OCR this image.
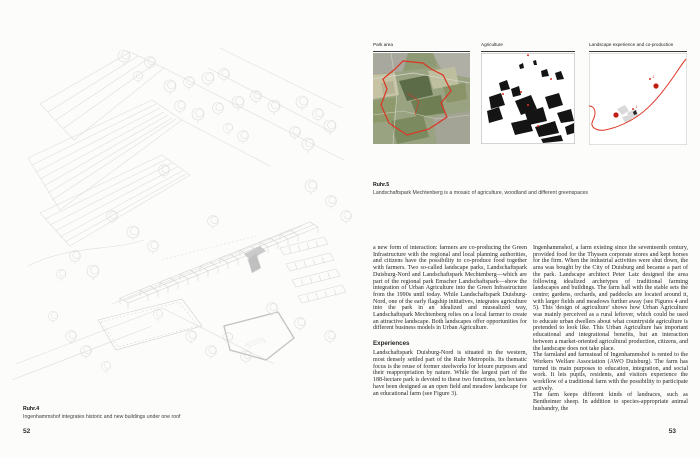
Ruhr.4
Ingenhammshof integrates historic and new buildings under one roof
52
Park area	Agriculture	Landscape experience and co-production
1
2
Ruhr.5
Landschaftspark Mechtenberg is a mosaic of agriculture, woodland and different greenspaces

a new form of interaction: farmers are co-producing the Green Infrastructure with the regional and local planning authorities, and citizens have the possibility to co-produce food together with farmers. Two so-called landscape parks, Landschaftspark Duisburg-Nord and Landschaftspark Mechtenberg—which are part of the regional park Emscher Landschaftspark—show the integration of Urban Agriculture into the Green Infrastructure from the 1990s until today. While Landschaftspark Duisburg-Nord, one of the early flagship initiatives, integrates agriculture into the park in an idealized and musealized way, Landschaftspark Mechtenberg relies on a local farmer to create an attractive landscape. Both landscapes offer opportunities for different business models in Urban Agriculture.

Experiences

Landschaftspark Duisburg-Nord is situated in the western, most densely settled part of the Ruhr Metropolis. Its thematic focus is the reuse of former steelworks for leisure purposes and their reappropriation by nature. While the largest part of the 188-hectare park is devoted to these two functions, ten hectares have been designed as an open field and meadow landscape for an educational farm (see Figure 3).

Ingenhammshof, a farm existing since the seventeenth century, provided food for the Thyssen corporate stores and kept horses for the firm. When the industrial activities were shut down, the area was bought by the City of Duisburg and became a part of the park. Landscape architect Peter Latz designed the area following idealized archetypes of traditional farming landscapes and buildings. The farm hall with the stable sets the centre; gardens, orchards, and paddocks are located around it, with larger fields and meadows further away (see Figures 4 and 5). This 'design of agriculture' shows how Urban Agriculture was mainly perceived as a rural leftover, which could be used to educate urban dwellers about what countryside agriculture is pretended to look like. This Urban Agriculture has important educational and integrational benefits, but an interaction between a market-oriented agricultural production, citizens, and the landscape does not take place.

The farmland and farmstead of Ingenhammshof is rented to the Workers Welfare Association (AWO Duisburg). The farm has turned its main purposes to education, integration, and social work. It lets pupils, residents, and visitors experience the workflow of a traditional farm with the possibility to participate actively.

The farm keeps different kinds of landraces, such as Bentheimer sheep. In addition to species-appropriate animal husbandry, the

53
